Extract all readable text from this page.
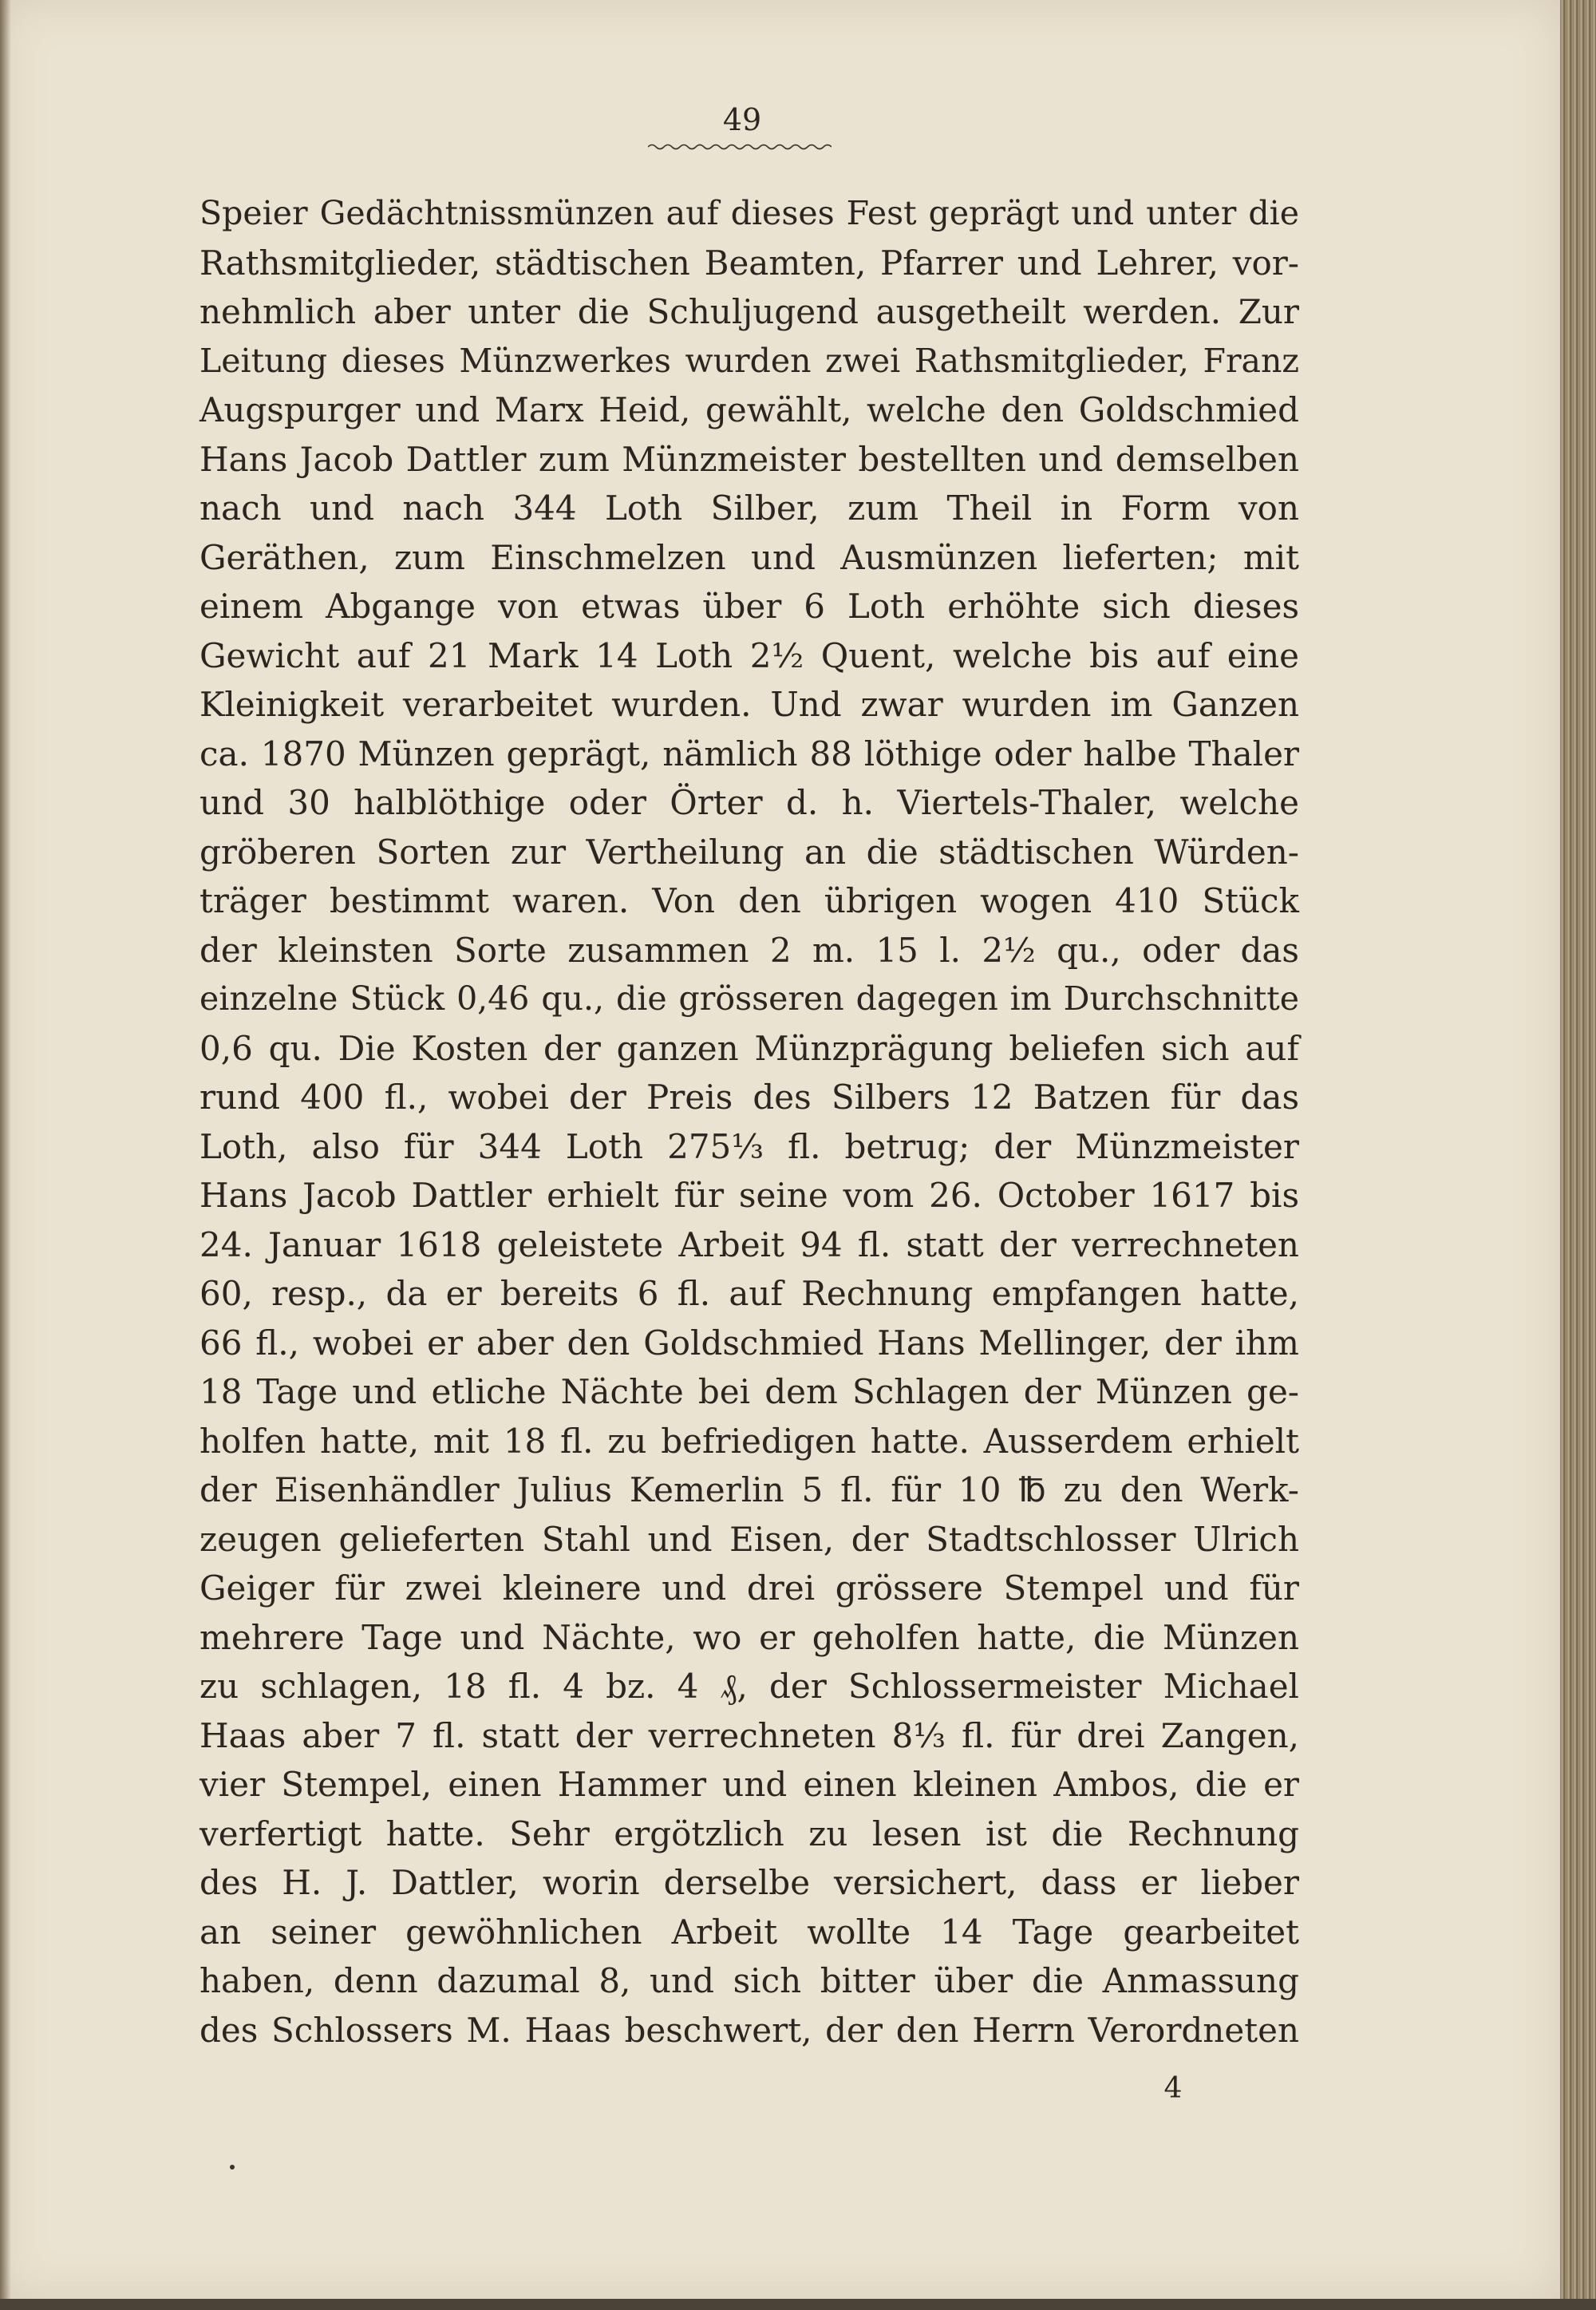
49
Speier Gedächtnissmünzen auf dieses Fest geprägt und unter die
Rathsmitglieder, städtischen Beamten, Pfarrer und Lehrer, vor-
nehmlich aber unter die Schuljugend ausgetheilt werden. Zur
Leitung dieses Münzwerkes wurden zwei Rathsmitglieder, Franz
Augspurger und Marx Heid, gewählt, welche den Goldschmied
Hans Jacob Dattler zum Münzmeister bestellten und demselben
nach und nach 344 Loth Silber, zum Theil in Form von
Geräthen, zum Einschmelzen und Ausmünzen lieferten; mit
einem Abgange von etwas über 6 Loth erhöhte sich dieses
Gewicht auf 21 Mark 14 Loth 2½ Quent, welche bis auf eine
Kleinigkeit verarbeitet wurden. Und zwar wurden im Ganzen
ca. 1870 Münzen geprägt, nämlich 88 löthige oder halbe Thaler
und 30 halblöthige oder Örter d. h. Viertels-Thaler, welche
gröberen Sorten zur Vertheilung an die städtischen Würden-
träger bestimmt waren. Von den übrigen wogen 410 Stück
der kleinsten Sorte zusammen 2 m. 15 l. 2½ qu., oder das
einzelne Stück 0,46 qu., die grösseren dagegen im Durchschnitte
0,6 qu. Die Kosten der ganzen Münzprägung beliefen sich auf
rund 400 fl., wobei der Preis des Silbers 12 Batzen für das
Loth, also für 344 Loth 275⅓ fl. betrug; der Münzmeister
Hans Jacob Dattler erhielt für seine vom 26. October 1617 bis
24. Januar 1618 geleistete Arbeit 94 fl. statt der verrechneten
60, resp., da er bereits 6 fl. auf Rechnung empfangen hatte,
66 fl., wobei er aber den Goldschmied Hans Mellinger, der ihm
18 Tage und etliche Nächte bei dem Schlagen der Münzen ge-
holfen hatte, mit 18 fl. zu befriedigen hatte. Ausserdem erhielt
der Eisenhändler Julius Kemerlin 5 fl. für 10 ℔ zu den Werk-
zeugen gelieferten Stahl und Eisen, der Stadtschlosser Ulrich
Geiger für zwei kleinere und drei grössere Stempel und für
mehrere Tage und Nächte, wo er geholfen hatte, die Münzen
zu schlagen, 18 fl. 4 bz. 4 ₰, der Schlossermeister Michael
Haas aber 7 fl. statt der verrechneten 8⅓ fl. für drei Zangen,
vier Stempel, einen Hammer und einen kleinen Ambos, die er
verfertigt hatte. Sehr ergötzlich zu lesen ist die Rechnung
des H. J. Dattler, worin derselbe versichert, dass er lieber
an seiner gewöhnlichen Arbeit wollte 14 Tage gearbeitet
haben, denn dazumal 8, und sich bitter über die Anmassung
des Schlossers M. Haas beschwert, der den Herrn Verordneten
4
